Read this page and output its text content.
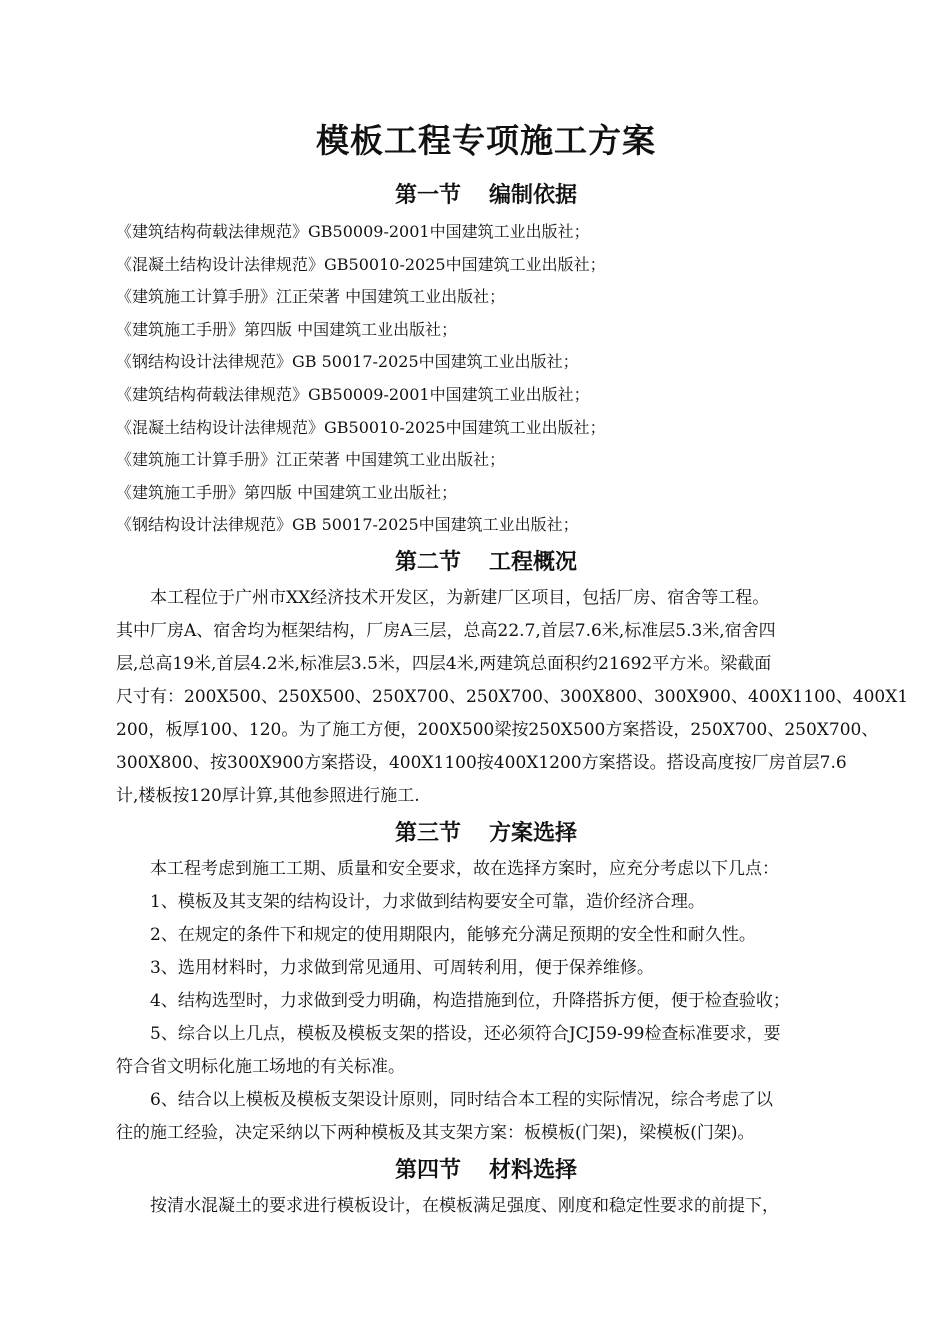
模板工程专项施工方案
第一节 编制依据

《建筑结构荷载法律规范》GB50009-2001中国建筑工业出版社；

《混凝土结构设计法律规范》GB50010-2025中国建筑工业出版社；

《建筑施工计算手册》江正荣著 中国建筑工业出版社；

《建筑施工手册》第四版 中国建筑工业出版社；

《钢结构设计法律规范》GB 50017-2025中国建筑工业出版社；

《建筑结构荷载法律规范》GB50009-2001中国建筑工业出版社；

《混凝土结构设计法律规范》GB50010-2025中国建筑工业出版社；

《建筑施工计算手册》江正荣著 中国建筑工业出版社；

《建筑施工手册》第四版 中国建筑工业出版社；

《钢结构设计法律规范》GB 50017-2025中国建筑工业出版社；

第二节 工程概况
　　本工程位于广州市XX经济技术开发区，为新建厂区项目，包括厂房、宿舍等工程。
其中厂房A、宿舍均为框架结构，厂房A三层，总高22.7,首层7.6米,标准层5.3米,宿舍四
层,总高19米,首层4.2米,标准层3.5米，四层4米,两建筑总面积约21692平方米。梁截面
尺寸有：200X500、250X500、250X700、250X700、300X800、300X900、400X1100、400X1
200，板厚100、120。为了施工方便，200X500梁按250X500方案搭设，250X700、250X700、
300X800、按300X900方案搭设，400X1100按400X1200方案搭设。搭设高度按厂房首层7.6
计,楼板按120厚计算,其他参照进行施工.
第三节 方案选择
　　本工程考虑到施工工期、质量和安全要求，故在选择方案时，应充分考虑以下几点：
　　1、模板及其支架的结构设计，力求做到结构要安全可靠，造价经济合理。
　　2、在规定的条件下和规定的使用期限内，能够充分满足预期的安全性和耐久性。
　　3、选用材料时，力求做到常见通用、可周转利用，便于保养维修。
　　4、结构选型时，力求做到受力明确，构造措施到位，升降搭拆方便，便于检查验收；
　　5、综合以上几点，模板及模板支架的搭设，还必须符合JCJ59-99检查标准要求，要
符合省文明标化施工场地的有关标准。
　　6、结合以上模板及模板支架设计原则，同时结合本工程的实际情况，综合考虑了以
往的施工经验，决定采纳以下两种模板及其支架方案：板模板(门架)，梁模板(门架)。
第四节 材料选择
　　按清水混凝土的要求进行模板设计，在模板满足强度、刚度和稳定性要求的前提下，
